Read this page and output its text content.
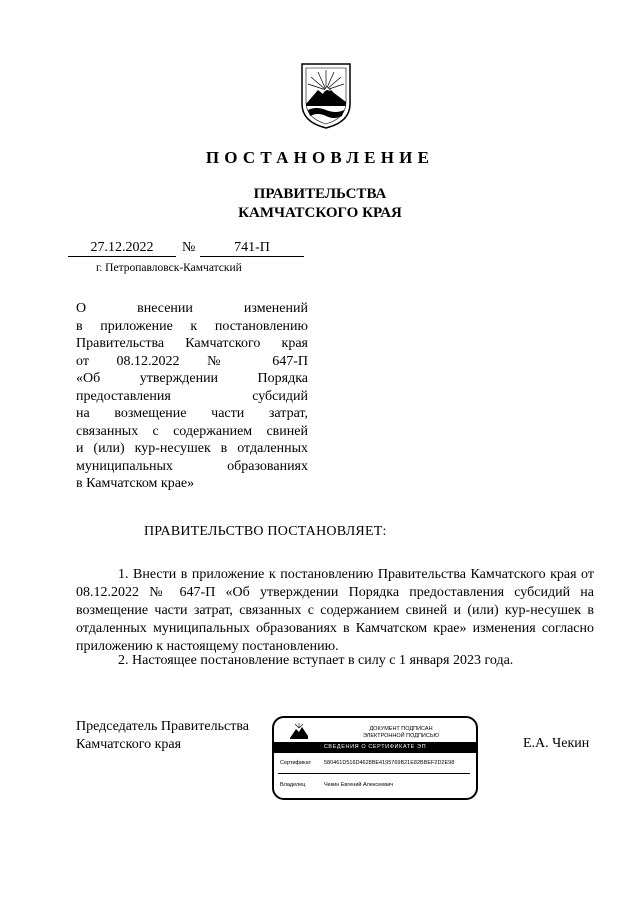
ПОСТАНОВЛЕНИЕ
ПРАВИТЕЛЬСТВА
КАМЧАТСКОГО КРАЯ
27.12.2022	№	741-П
г. Петропавловск-Камчатский
О внесении изменений
в приложение к постановлению
Правительства Камчатского края
от 08.12.2022 № 647-П
«Об утверждении Порядка
предоставления субсидий
на возмещение части затрат,
связанных с содержанием свиней
и (или) кур-несушек в отдаленных
муниципальных образованиях
в Камчатском крае»
ПРАВИТЕЛЬСТВО ПОСТАНОВЛЯЕТ:

1. Внести в приложение к постановлению Правительства Камчатского края от 08.12.2022 № 647-П «Об утверждении Порядка предоставления субсидий на возмещение части затрат, связанных с содержанием свиней и (или) кур-несушек в отдаленных муниципальных образованиях в Камчатском крае» изменения согласно приложению к настоящему постановлению.

2. Настоящее постановление вступает в силу с 1 января 2023 года.

Председатель Правительства
Камчатского края	Е.А. Чекин
ДОКУМЕНТ ПОДПИСАН
ЭЛЕКТРОННОЙ ПОДПИСЬЮ
СВЕДЕНИЯ О СЕРТИФИКАТЕ ЭП
Сертификат 580461D516D4628BE4195769B21E82BBEF2D2E98
Владелец	Чекин Евгений Алексеевич
